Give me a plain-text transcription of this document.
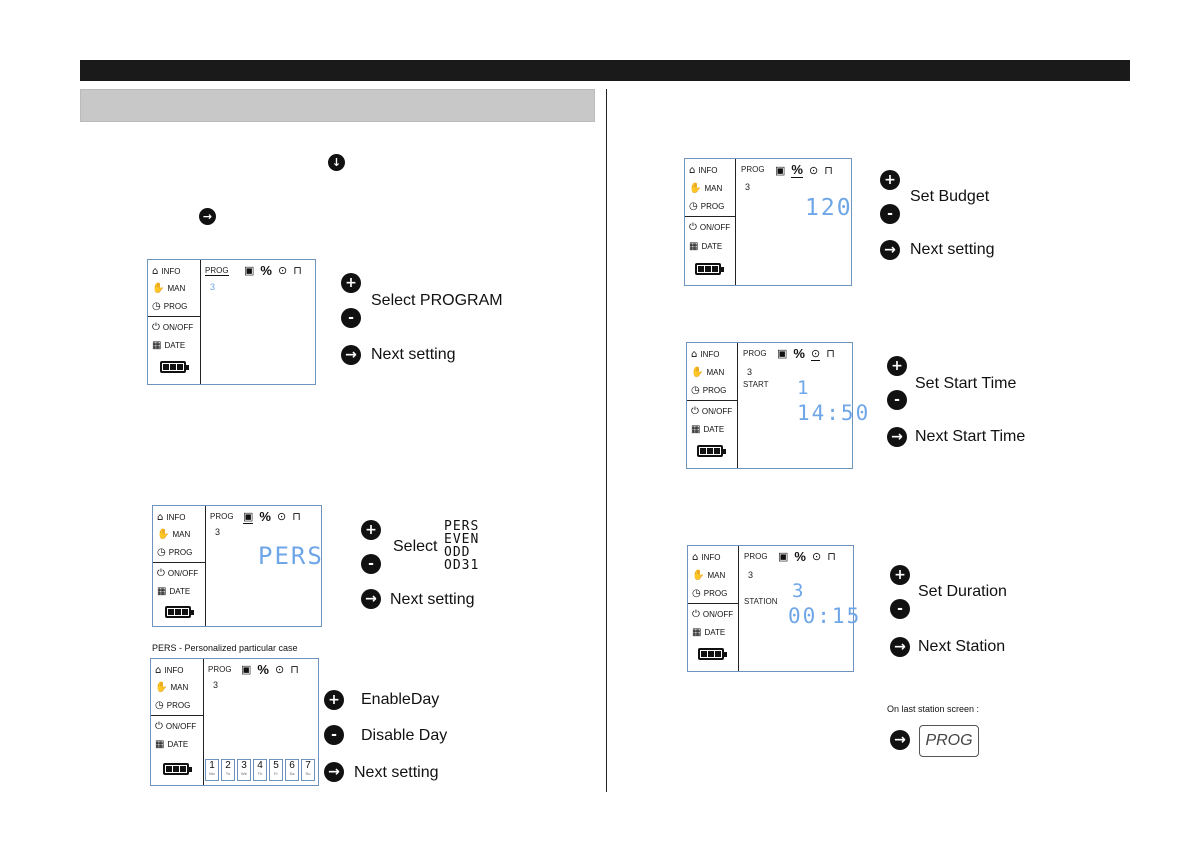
↓
→
⌂ INFO
✋ MAN
◷ PROG
⏻ ON/OFF
▦ DATE
PROG ▣ % ⊙ ⊓
3	+
Select PROGRAM
-
→ Next setting
⌂ INFO
✋ MAN
◷ PROG
⏻ ON/OFF
▦ DATE
PROG ▣ % ⊙ ⊓
3
PERS
+
Select
-
PERS
EVEN
ODD
OD31
→ Next setting
PERS - Personalized particular case
⌂ INFO
✋ MAN
◷ PROG
⏻ ON/OFF
▦ DATE
PROG ▣ % ⊙ ⊓
3
1
Mo
2
Tu
3
We
4
Th
5
Fr
6
Sa
7
Su
+ EnableDay
-	Disable Day
→ Next setting
⌂ INFO
✋ MAN
◷ PROG
⏻ ON/OFF
▦ DATE
PROG ▣ % ⊙ ⊓
3
120
+
Set Budget
-
→ Next setting
⌂ INFO
✋ MAN
◷ PROG
⏻ ON/OFF
▦ DATE
PROG ▣ % ⊙ ⊓
3
START 1
14:50
+
Set Start Time
-
→ Next Start Time
⌂ INFO
✋ MAN
◷ PROG
⏻ ON/OFF
▦ DATE
PROG ▣ % ⊙ ⊓
3
STATION 3
00:15
+
Set Duration
-
→ Next Station
On last station screen :
→	PROG
